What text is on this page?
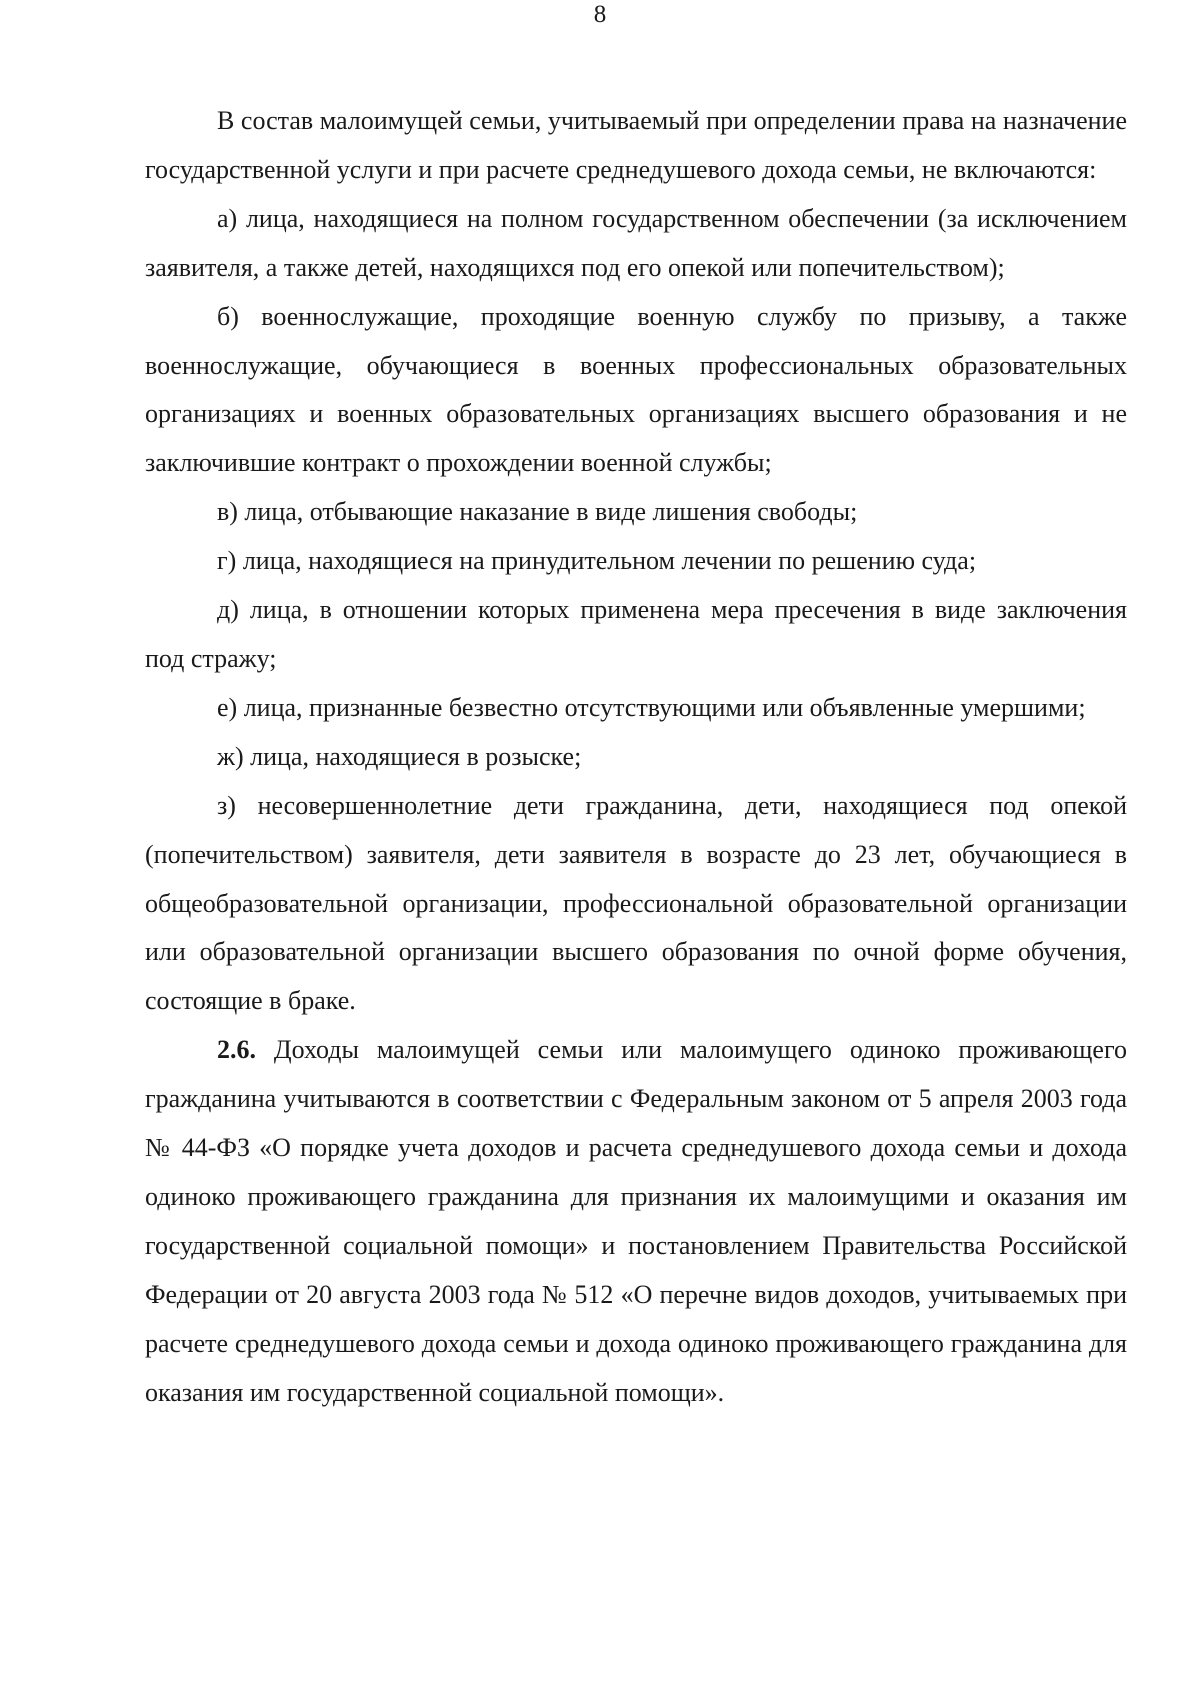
8

В состав малоимущей семьи, учитываемый при определении права на назначение государственной услуги и при расчете среднедушевого дохода семьи, не включаются:

а) лица, находящиеся на полном государственном обеспечении (за исключением заявителя, а также детей, находящихся под его опекой или попечительством);

б) военнослужащие, проходящие военную службу по призыву, а также военнослужащие, обучающиеся в военных профессиональных образовательных организациях и военных образовательных организациях высшего образования и не заключившие контракт о прохождении военной службы;

в) лица, отбывающие наказание в виде лишения свободы;

г) лица, находящиеся на принудительном лечении по решению суда;

д) лица, в отношении которых применена мера пресечения в виде заключения под стражу;

е) лица, признанные безвестно отсутствующими или объявленные умершими;

ж) лица, находящиеся в розыске;

з) несовершеннолетние дети гражданина, дети, находящиеся под опекой (попечительством) заявителя, дети заявителя в возрасте до 23 лет, обучающиеся в общеобразовательной организации, профессиональной образовательной организации или образовательной организации высшего образования по очной форме обучения, состоящие в браке.

2.6. Доходы малоимущей семьи или малоимущего одиноко проживающего гражданина учитываются в соответствии с Федеральным законом от 5 апреля 2003 года № 44-ФЗ «О порядке учета доходов и расчета среднедушевого дохода семьи и дохода одиноко проживающего гражданина для признания их малоимущими и оказания им государственной социальной помощи» и постановлением Правительства Российской Федерации от 20 августа 2003 года № 512 «О перечне видов доходов, учитываемых при расчете среднедушевого дохода семьи и дохода одиноко проживающего гражданина для оказания им государственной социальной помощи».
